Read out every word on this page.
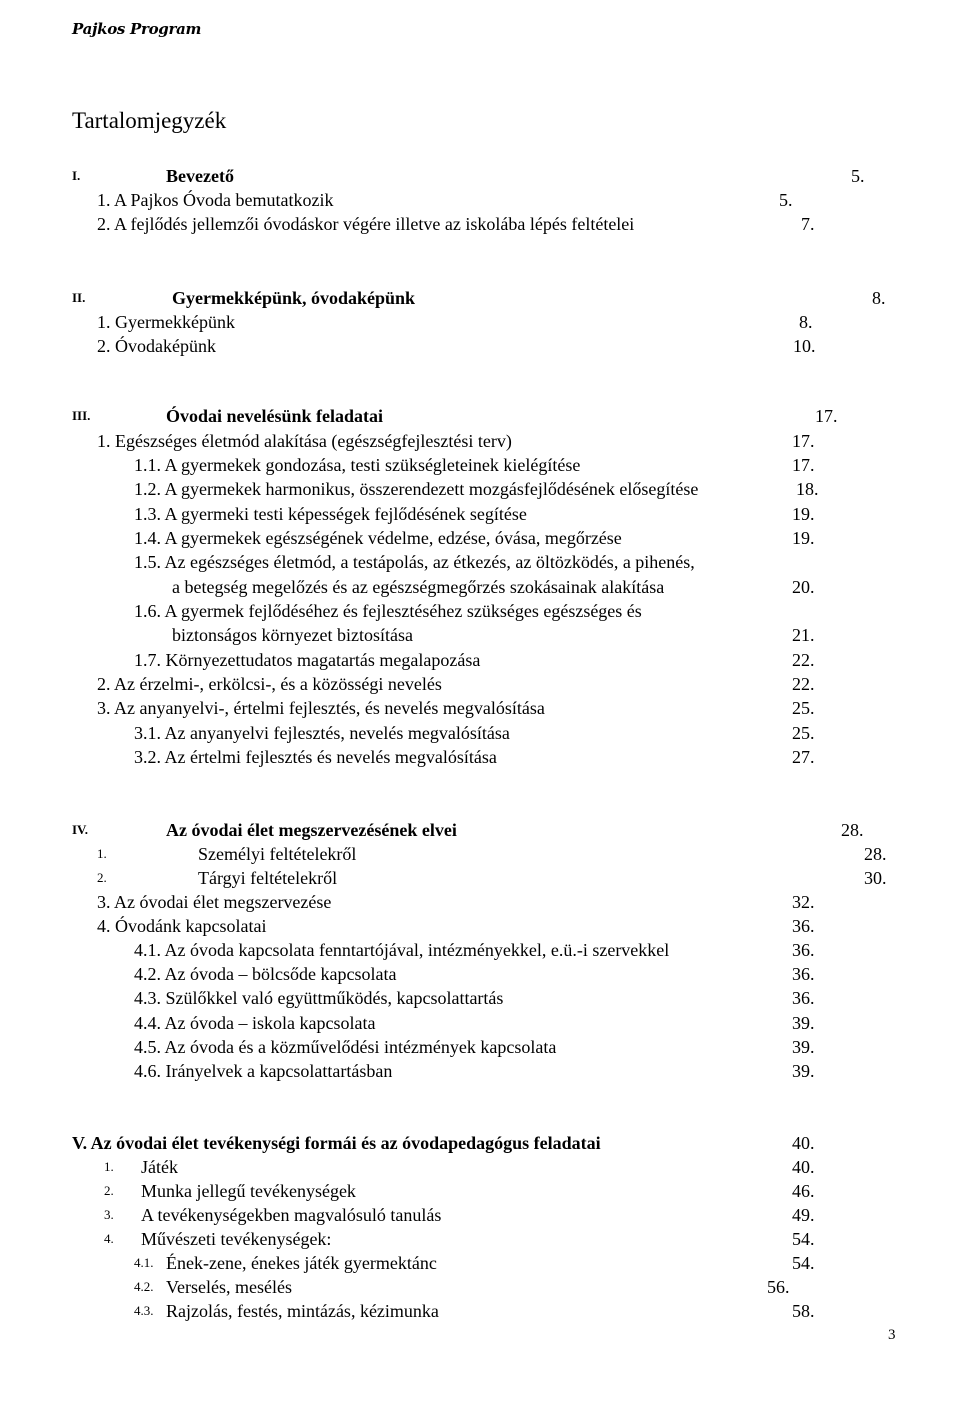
Pajkos Program
Tartalomjegyzék
I.	Bevezető	5.
1. A Pajkos Óvoda bemutatkozik	5.
2. A fejlődés jellemzői óvodáskor végére illetve az iskolába lépés feltételei	7.
II.	Gyermekképünk, óvodaképünk	8.
1. Gyermekképünk	8.
2. Óvodaképünk	10.
III.	Óvodai nevelésünk feladatai	17.
1. Egészséges életmód alakítása (egészségfejlesztési terv)	17.
1.1. A gyermekek gondozása, testi szükségleteinek kielégítése	17.
1.2. A gyermekek harmonikus, összerendezett mozgásfejlődésének elősegítése	18.
1.3. A gyermeki testi képességek fejlődésének segítése	19.
1.4. A gyermekek egészségének védelme, edzése, óvása, megőrzése	19.
1.5. Az egészséges életmód, a testápolás, az étkezés, az öltözködés, a pihenés,
a betegség megelőzés és az egészségmegőrzés szokásainak alakítása	20.
1.6. A gyermek fejlődéséhez és fejlesztéséhez szükséges egészséges és
biztonságos környezet biztosítása	21.
1.7. Környezettudatos magatartás megalapozása	22.
2. Az érzelmi-, erkölcsi-, és a közösségi nevelés	22.
3. Az anyanyelvi-, értelmi fejlesztés, és nevelés megvalósítása	25.
3.1. Az anyanyelvi fejlesztés, nevelés megvalósítása	25.
3.2. Az értelmi fejlesztés és nevelés megvalósítása	27.
IV.	Az óvodai élet megszervezésének elvei	28.
1.	Személyi feltételekről	28.
2.	Tárgyi feltételekről	30.
3. Az óvodai élet megszervezése	32.
4. Óvodánk kapcsolatai	36.
4.1. Az óvoda kapcsolata fenntartójával, intézményekkel, e.ü.-i szervekkel	36.
4.2. Az óvoda – bölcsőde kapcsolata	36.
4.3. Szülőkkel való együttműködés, kapcsolattartás	36.
4.4. Az óvoda – iskola kapcsolata	39.
4.5. Az óvoda és a közművelődési intézmények kapcsolata	39.
4.6. Irányelvek a kapcsolattartásban	39.
V. Az óvodai élet tevékenységi formái és az óvodapedagógus feladatai	40.
1. Játék	40.
2. Munka jellegű tevékenységek	46.
3. A tevékenységekben magvalósuló tanulás	49.
4. Művészeti tevékenységek:	54.
4.1. Ének-zene, énekes játék gyermektánc	54.
4.2. Verselés, mesélés	56.
4.3. Rajzolás, festés, mintázás, kézimunka	58.
3
